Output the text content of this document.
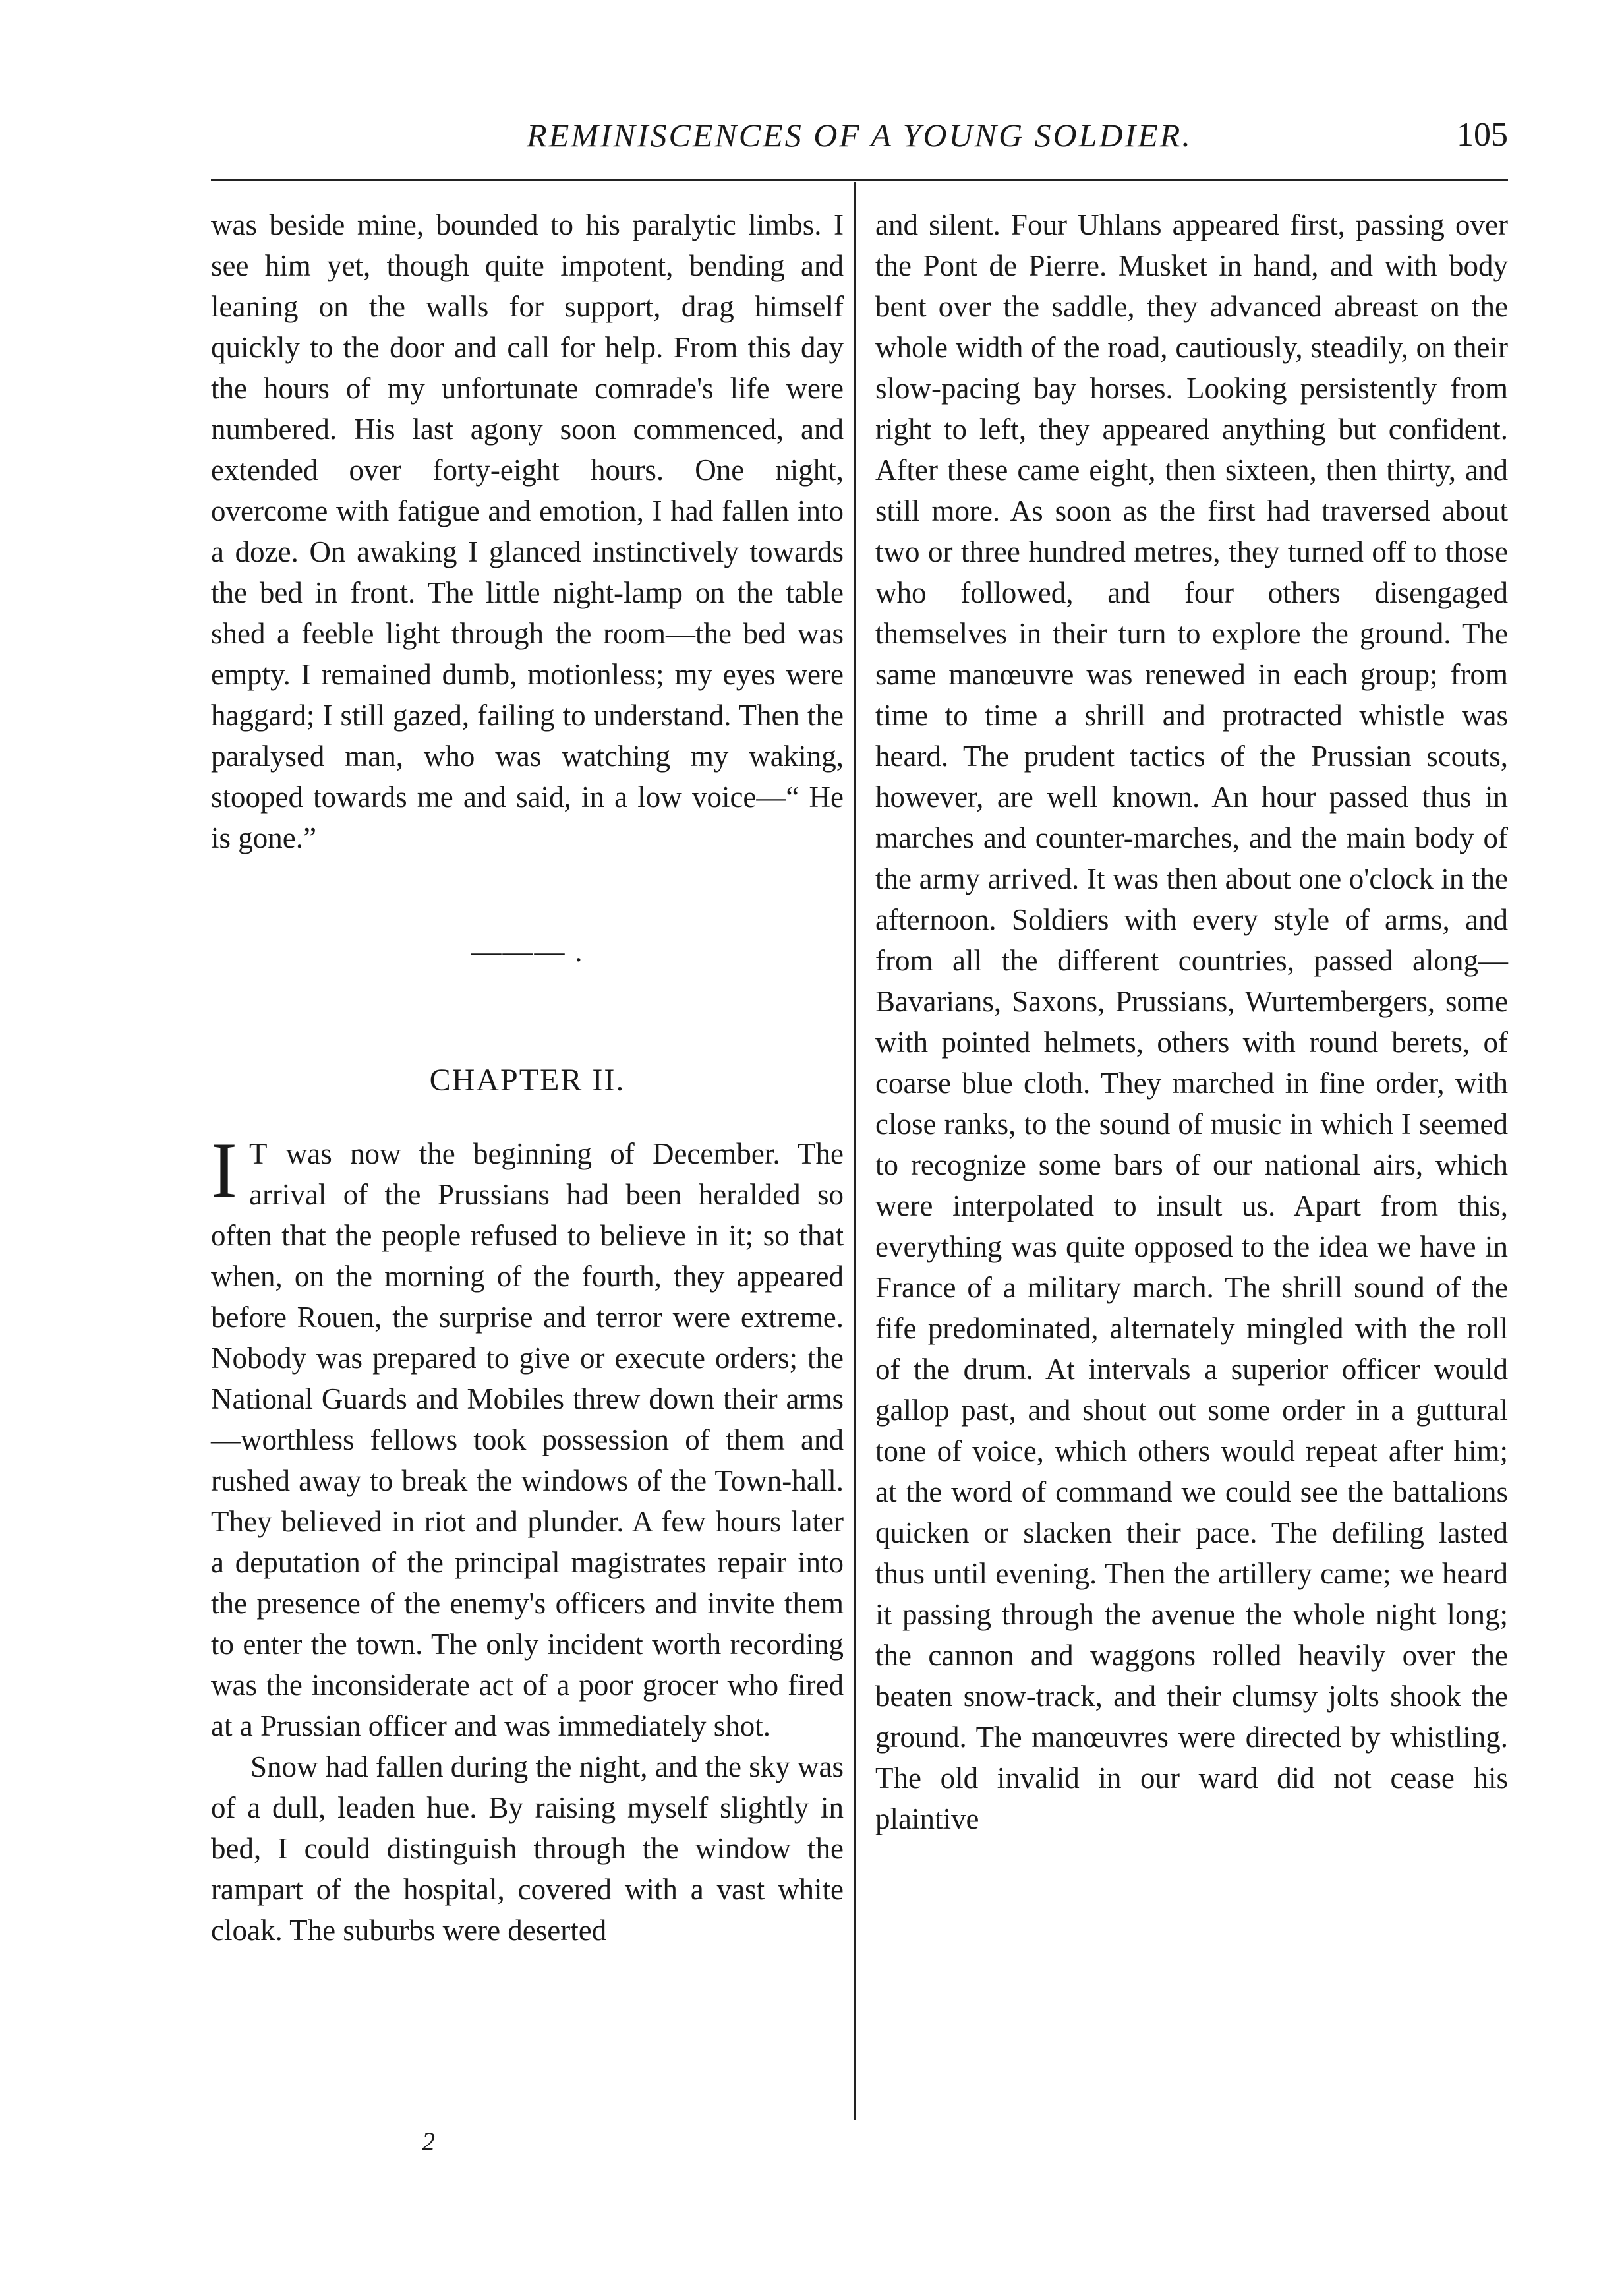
REMINISCENCES OF A YOUNG SOLDIER.	105

was beside mine, bounded to his paralytic limbs. I see him yet, though quite impotent, bending and leaning on the walls for support, drag himself quickly to the door and call for help. From this day the hours of my unfortunate comrade's life were numbered. His last agony soon commenced, and extended over forty-eight hours. One night, overcome with fatigue and emotion, I had fallen into a doze. On awaking I glanced instinctively towards the bed in front. The little night-lamp on the table shed a feeble light through the room—the bed was empty. I remained dumb, motionless; my eyes were haggard; I still gazed, failing to understand. Then the paralysed man, who was watching my waking, stooped towards me and said, in a low voice—“ He is gone.”

——— .
CHAPTER II.

I T was now the beginning of December. The arrival of the Prussians had been heralded so often that the people refused to believe in it; so that when, on the morning of the fourth, they appeared before Rouen, the surprise and terror were extreme. Nobody was prepared to give or execute orders; the National Guards and Mobiles threw down their arms—worthless fellows took possession of them and rushed away to break the windows of the Town-hall. They believed in riot and plunder. A few hours later a deputation of the principal magistrates repair into the presence of the enemy's officers and invite them to enter the town. The only incident worth recording was the inconsiderate act of a poor grocer who fired at a Prussian officer and was immediately shot.

Snow had fallen during the night, and the sky was of a dull, leaden hue. By raising myself slightly in bed, I could distinguish through the window the rampart of the hospital, covered with a vast white cloak. The suburbs were deserted

and silent. Four Uhlans appeared first, passing over the Pont de Pierre. Musket in hand, and with body bent over the saddle, they advanced abreast on the whole width of the road, cautiously, steadily, on their slow-pacing bay horses. Looking persistently from right to left, they appeared anything but confident. After these came eight, then sixteen, then thirty, and still more. As soon as the first had traversed about two or three hundred metres, they turned off to those who followed, and four others disengaged themselves in their turn to explore the ground. The same manœuvre was renewed in each group; from time to time a shrill and protracted whistle was heard. The prudent tactics of the Prussian scouts, however, are well known. An hour passed thus in marches and counter-marches, and the main body of the army arrived. It was then about one o'clock in the afternoon. Soldiers with every style of arms, and from all the different countries, passed along—Bavarians, Saxons, Prussians, Wurtembergers, some with pointed helmets, others with round berets, of coarse blue cloth. They marched in fine order, with close ranks, to the sound of music in which I seemed to recognize some bars of our national airs, which were interpolated to insult us. Apart from this, everything was quite opposed to the idea we have in France of a military march. The shrill sound of the fife predominated, alternately mingled with the roll of the drum. At intervals a superior officer would gallop past, and shout out some order in a guttural tone of voice, which others would repeat after him; at the word of command we could see the battalions quicken or slacken their pace. The defiling lasted thus until evening. Then the artillery came; we heard it passing through the avenue the whole night long; the cannon and waggons rolled heavily over the beaten snow-track, and their clumsy jolts shook the ground. The manœuvres were directed by whistling. The old invalid in our ward did not cease his plaintive

2
